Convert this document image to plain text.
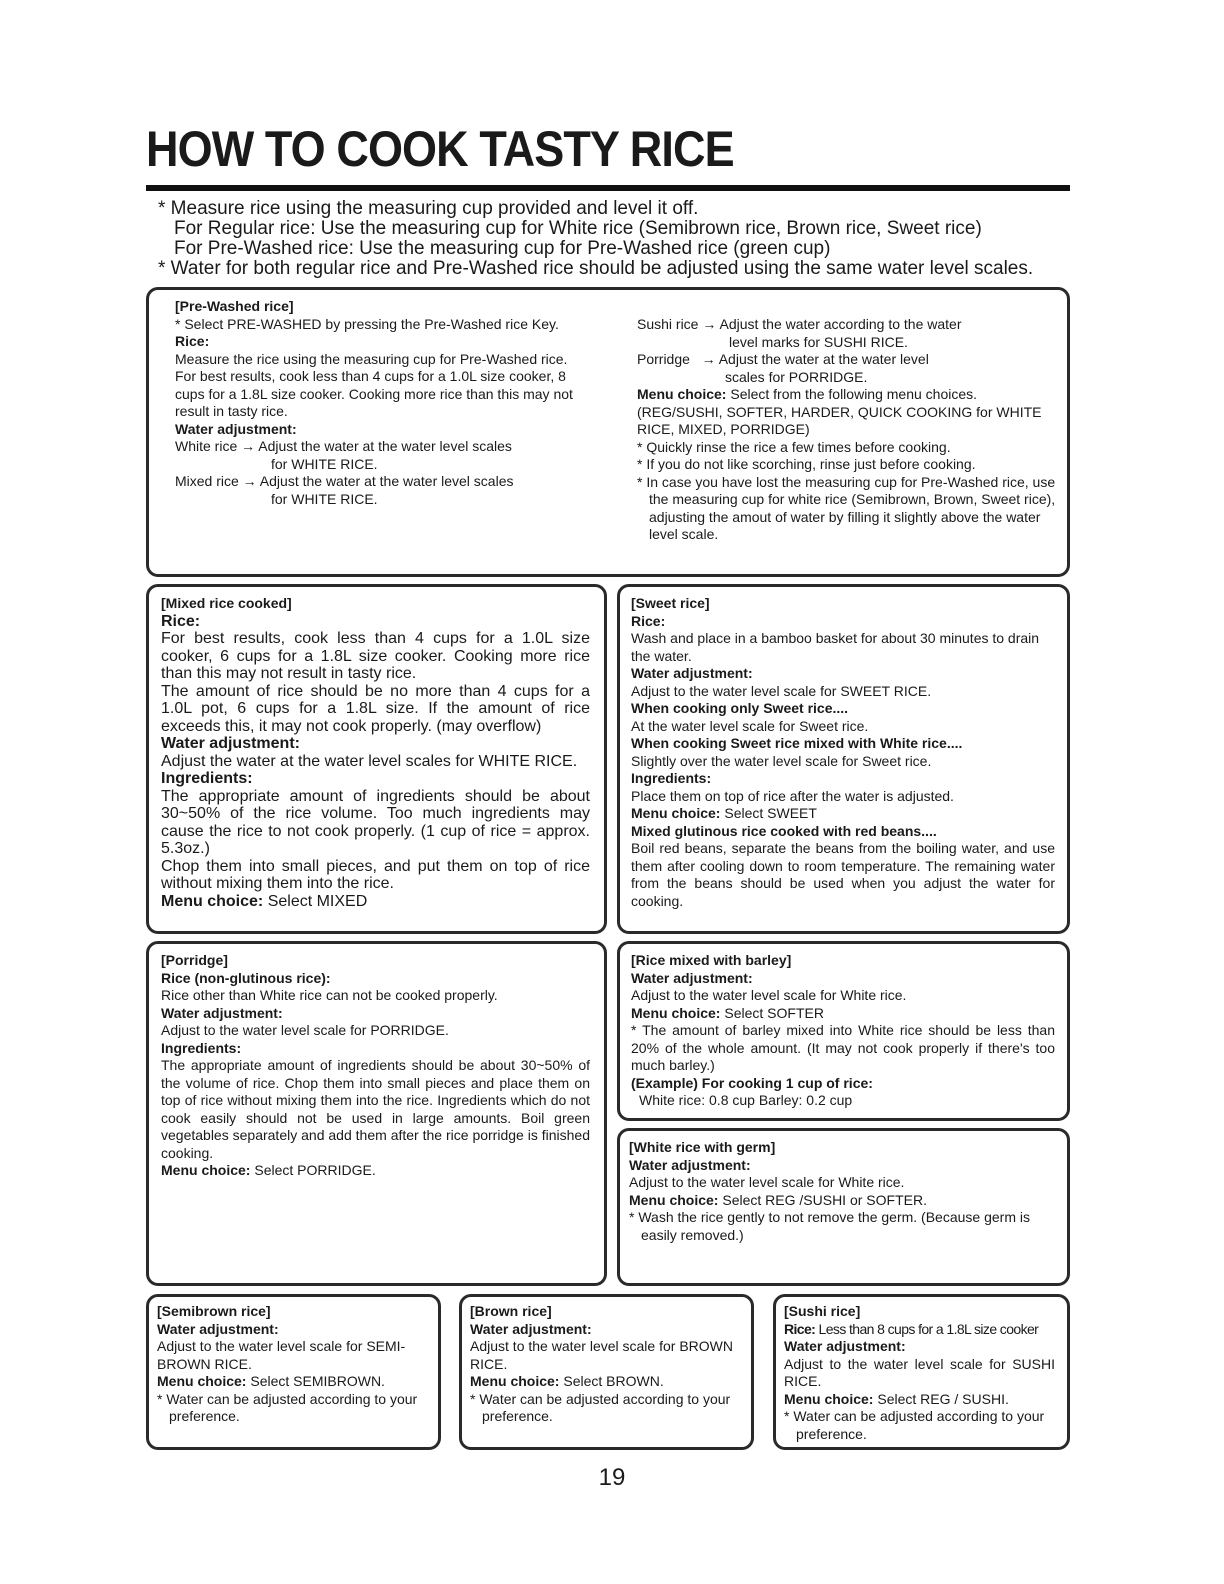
HOW TO COOK TASTY RICE
* Measure rice using the measuring cup provided and level it off.
For Regular rice: Use the measuring cup for White rice (Semibrown rice, Brown rice, Sweet rice)
For Pre-Washed rice: Use the measuring cup for Pre-Washed rice (green cup)
* Water for both regular rice and Pre-Washed rice should be adjusted using the same water level scales.

[Pre-Washed rice]

* Select PRE-WASHED by pressing the Pre-Washed rice Key.

Rice:

Measure the rice using the measuring cup for Pre-Washed rice.

For best results, cook less than 4 cups for a 1.0L size cooker, 8 cups for a 1.8L size cooker. Cooking more rice than this may not result in tasty rice.

Water adjustment:

White rice → Adjust the water at the water level scales

for WHITE RICE.

Mixed rice → Adjust the water at the water level scales

for WHITE RICE.

Sushi rice → Adjust the water according to the water

level marks for SUSHI RICE.

Porridge   → Adjust the water at the water level

scales for PORRIDGE.

Menu choice: Select from the following menu choices. (REG/SUSHI, SOFTER, HARDER, QUICK COOKING for WHITE RICE, MIXED, PORRIDGE)

* Quickly rinse the rice a few times before cooking.

* If you do not like scorching, rinse just before cooking.

* In case you have lost the measuring cup for Pre-Washed rice, use the measuring cup for white rice (Semibrown, Brown, Sweet rice), adjusting the amout of water by filling it slightly above the water level scale.

[Mixed rice cooked]

Rice:

For best results, cook less than 4 cups for a 1.0L size cooker, 6 cups for a 1.8L size cooker. Cooking more rice than this may not result in tasty rice.

The amount of rice should be no more than 4 cups for a 1.0L pot, 6 cups for a 1.8L size. If the amount of rice exceeds this, it may not cook properly. (may overflow)

Water adjustment:

Adjust the water at the water level scales for WHITE RICE.

Ingredients:

The appropriate amount of ingredients should be about 30~50% of the rice volume. Too much ingredients may cause the rice to not cook properly. (1 cup of rice = approx. 5.3oz.)

Chop them into small pieces, and put them on top of rice without mixing them into the rice.

Menu choice: Select MIXED

[Sweet rice]

Rice:

Wash and place in a bamboo basket for about 30 minutes to drain the water.

Water adjustment:

Adjust to the water level scale for SWEET RICE.

When cooking only Sweet rice....

At the water level scale for Sweet rice.

When cooking Sweet rice mixed with White rice....

Slightly over the water level scale for Sweet rice.

Ingredients:

Place them on top of rice after the water is adjusted.

Menu choice: Select SWEET

Mixed glutinous rice cooked with red beans....

Boil red beans, separate the beans from the boiling water, and use them after cooling down to room temperature. The remaining water from the beans should be used when you adjust the water for cooking.

[Porridge]

Rice (non-glutinous rice):

Rice other than White rice can not be cooked properly.

Water adjustment:

Adjust to the water level scale for PORRIDGE.

Ingredients:

The appropriate amount of ingredients should be about 30~50% of the volume of rice. Chop them into small pieces and place them on top of rice without mixing them into the rice. Ingredients which do not cook easily should not be used in large amounts. Boil green vegetables separately and add them after the rice porridge is finished cooking.

Menu choice: Select PORRIDGE.

[Rice mixed with barley]

Water adjustment:

Adjust to the water level scale for White rice.

Menu choice: Select SOFTER

* The amount of barley mixed into White rice should be less than 20% of the whole amount. (It may not cook properly if there's too much barley.)

(Example) For cooking 1 cup of rice:

White rice: 0.8 cup Barley: 0.2 cup

[White rice with germ]

Water adjustment:

Adjust to the water level scale for White rice.

Menu choice: Select REG /SUSHI or SOFTER.

* Wash the rice gently to not remove the germ. (Because germ is easily removed.)

[Semibrown rice]

Water adjustment:

Adjust to the water level scale for SEMI-BROWN RICE.

Menu choice: Select SEMIBROWN.

* Water can be adjusted according to your preference.

[Brown rice]

Water adjustment:

Adjust to the water level scale for BROWN RICE.

Menu choice: Select BROWN.

* Water can be adjusted according to your preference.

[Sushi rice]

Rice: Less than 8 cups for a 1.8L size cooker

Water adjustment:

Adjust to the water level scale for SUSHI RICE.

Menu choice: Select REG / SUSHI.

* Water can be adjusted according to your preference.

19
